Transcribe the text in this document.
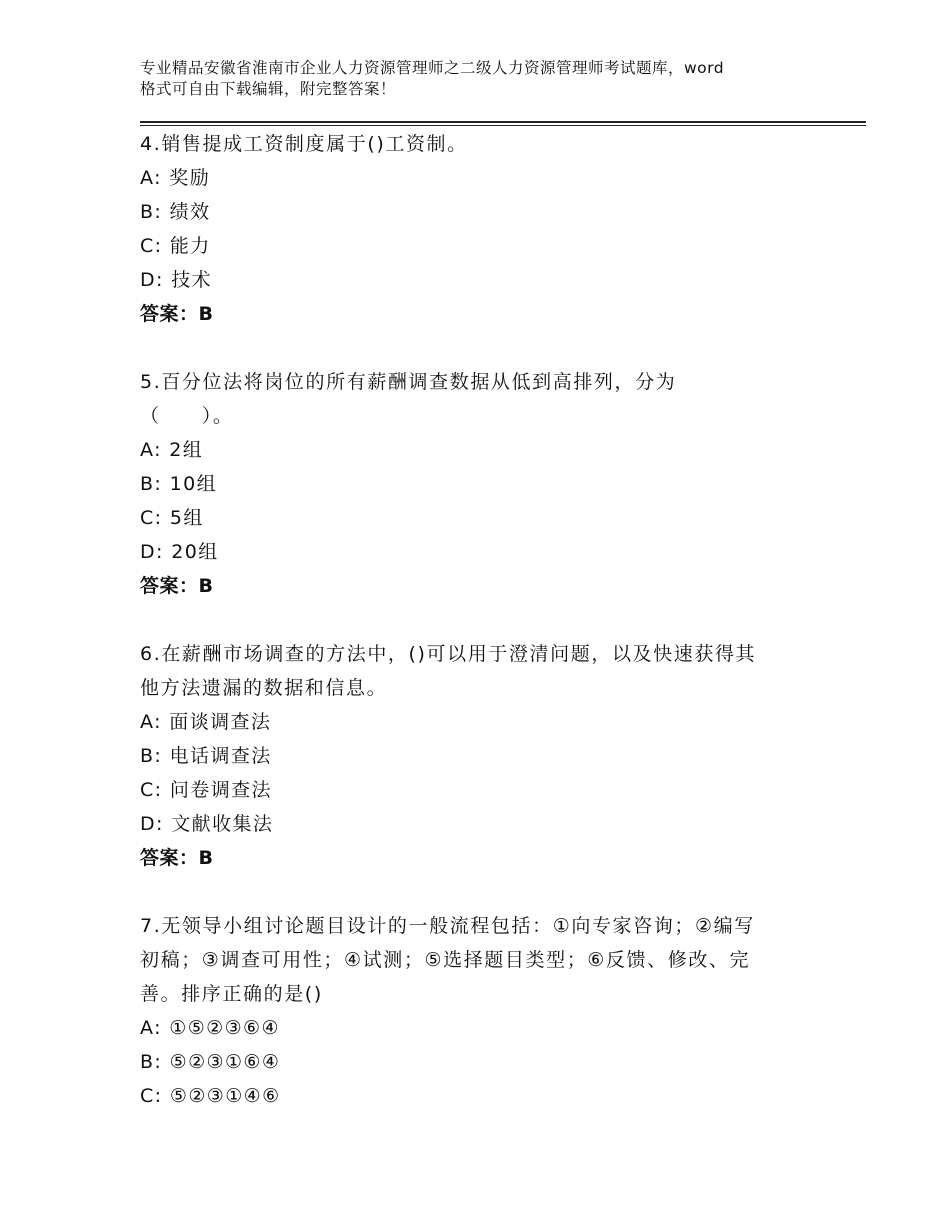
专业精品安徽省淮南市企业人力资源管理师之二级人力资源管理师考试题库，word
格式可自由下载编辑，附完整答案！
4.销售提成工资制度属于()工资制。
A: 奖励
B: 绩效
C: 能力
D: 技术
答案：B
5.百分位法将岗位的所有薪酬调查数据从低到高排列，分为
（　　）。
A: 2组
B: 10组
C: 5组
D: 20组
答案：B
6.在薪酬市场调查的方法中，()可以用于澄清问题，以及快速获得其
他方法遗漏的数据和信息。
A: 面谈调查法
B: 电话调查法
C: 问卷调查法
D: 文献收集法
答案：B
7.无领导小组讨论题目设计的一般流程包括：①向专家咨询；②编写
初稿；③调查可用性；④试测；⑤选择题目类型；⑥反馈、修改、完
善。排序正确的是()
A: ①⑤②③⑥④
B: ⑤②③①⑥④
C: ⑤②③①④⑥
